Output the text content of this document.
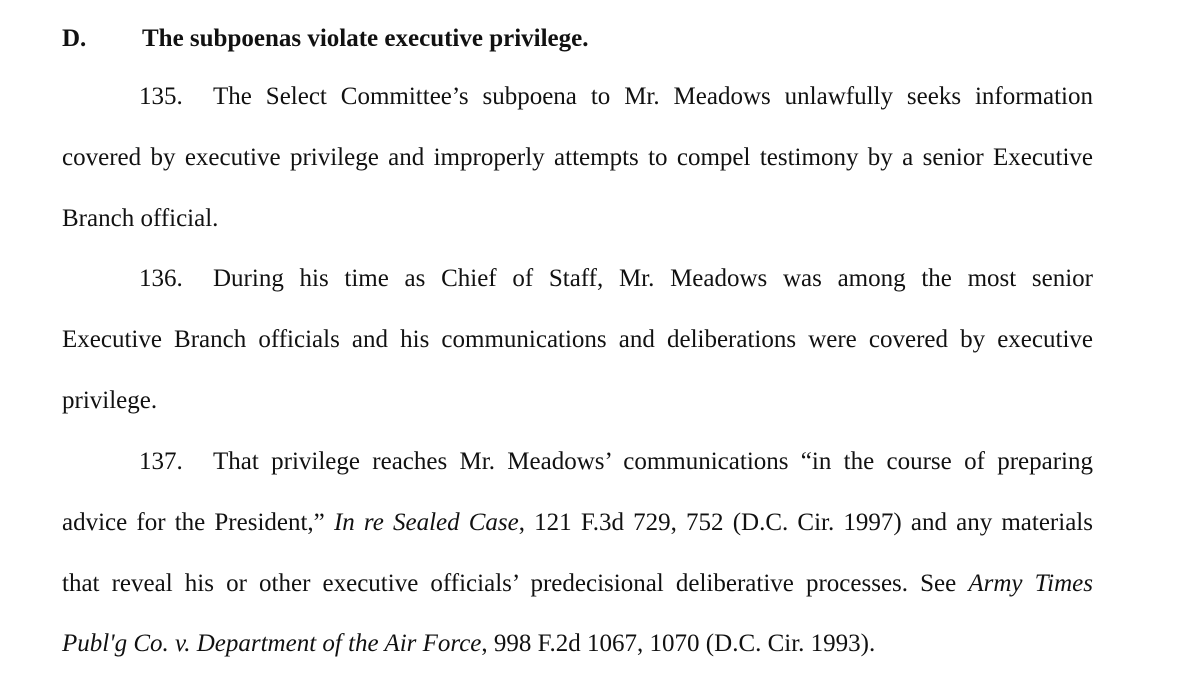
D. The subpoenas violate executive privilege.
135. The Select Committee’s subpoena to Mr. Meadows unlawfully seeks information
covered by executive privilege and improperly attempts to compel testimony by a senior Executive
Branch official.
136. During his time as Chief of Staff, Mr. Meadows was among the most senior
Executive Branch officials and his communications and deliberations were covered by executive
privilege.
137. That privilege reaches Mr. Meadows’ communications “in the course of preparing
advice for the President,” In re Sealed Case, 121 F.3d 729, 752 (D.C. Cir. 1997) and any materials
that reveal his or other executive officials’ predecisional deliberative processes. See Army Times
Publ'g Co. v. Department of the Air Force, 998 F.2d 1067, 1070 (D.C. Cir. 1993).
